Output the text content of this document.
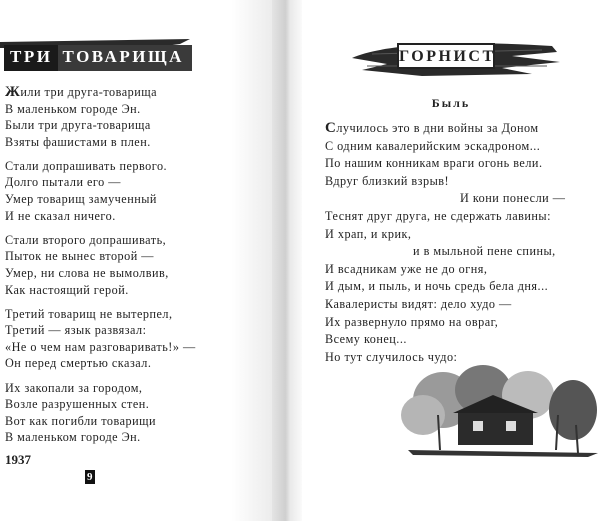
ТРИ ТОВАРИЩА
Жили три друга-товарища
В маленьком городе Эн.
Были три друга-товарища
Взяты фашистами в плен.
Стали допрашивать первого.
Долго пытали его —
Умер товарищ замученный
И не сказал ничего.
Стали второго допрашивать,
Пыток не вынес второй —
Умер, ни слова не вымолвив,
Как настоящий герой.
Третий товарищ не вытерпел,
Третий — язык развязал:
«Не о чем нам разговаривать!» —
Он перед смертью сказал.
Их закопали за городом,
Возле разрушенных стен.
Вот как погибли товарищи
В маленьком городе Эн.
1937
9
ГОРНИСТ
Быль
Случилось это в дни войны за Доном
С одним кавалерийским эскадроном...
По нашим конникам враги огонь вели.
Вдруг близкий взрыв!
И кони понесли —
Теснят друг друга, не сдержать лавины:
И храп, и крик,
и в мыльной пене спины,
И всадникам уже не до огня,
И дым, и пыль, и ночь средь бела дня...
Кавалеристы видят: дело худо —
Их развернуло прямо на овраг,
Всему конец...
Но тут случилось чудо:
